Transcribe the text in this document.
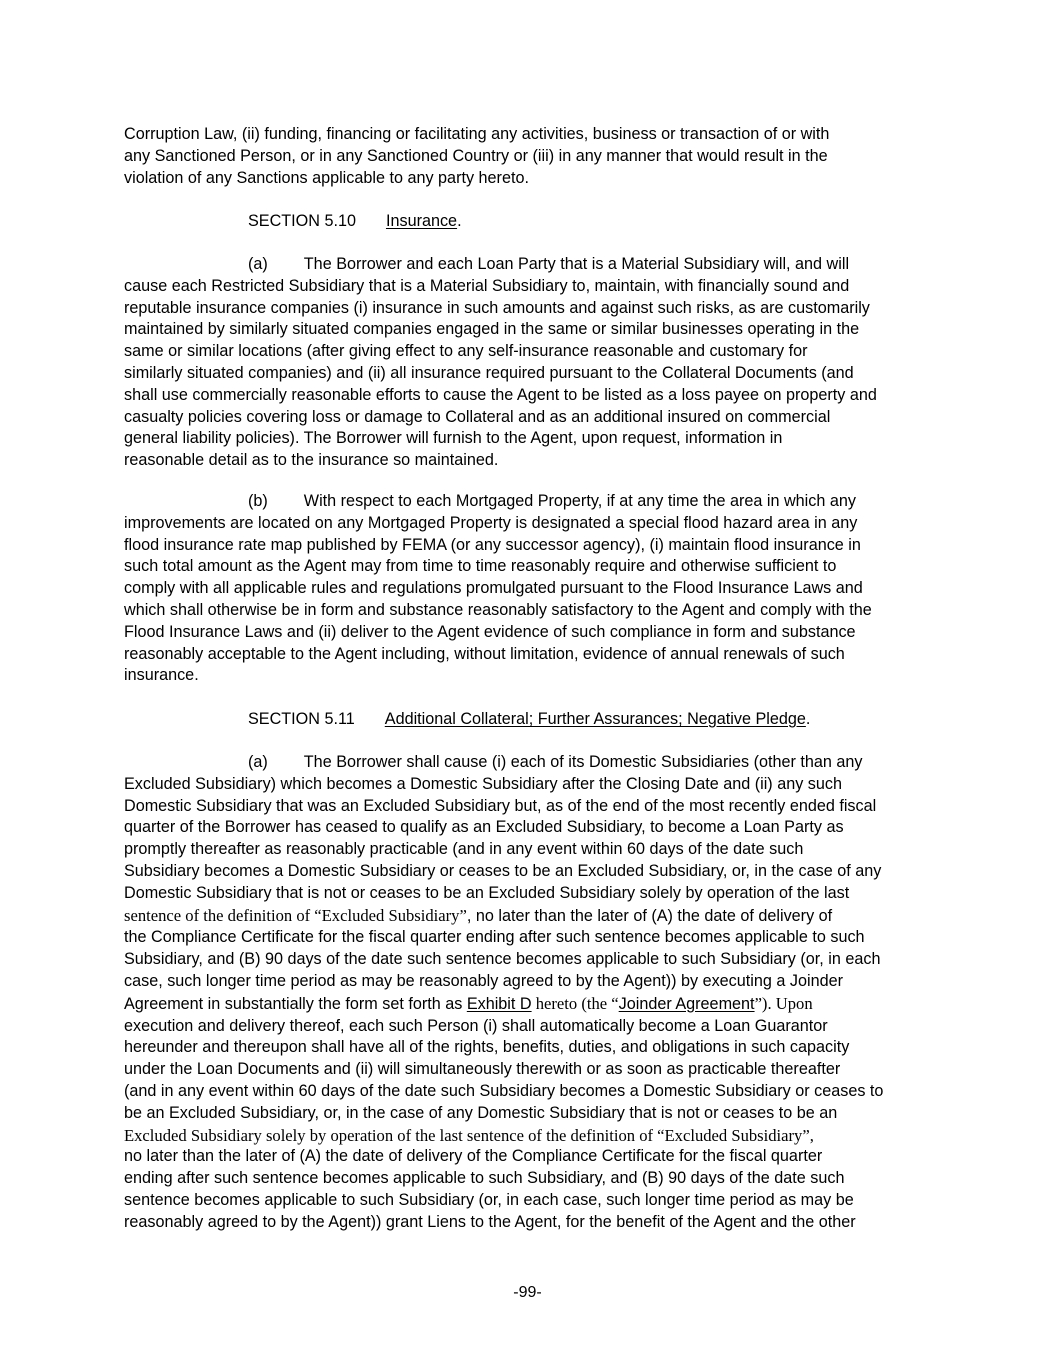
Corruption Law, (ii) funding, financing or facilitating any activities, business or transaction of or with
any Sanctioned Person, or in any Sanctioned Country or (iii) in any manner that would result in the
violation of any Sanctions applicable to any party hereto.
SECTION 5.10 Insurance.
(a) The Borrower and each Loan Party that is a Material Subsidiary will, and will
cause each Restricted Subsidiary that is a Material Subsidiary to, maintain, with financially sound and
reputable insurance companies (i) insurance in such amounts and against such risks, as are customarily
maintained by similarly situated companies engaged in the same or similar businesses operating in the
same or similar locations (after giving effect to any self-insurance reasonable and customary for
similarly situated companies) and (ii) all insurance required pursuant to the Collateral Documents (and
shall use commercially reasonable efforts to cause the Agent to be listed as a loss payee on property and
casualty policies covering loss or damage to Collateral and as an additional insured on commercial
general liability policies). The Borrower will furnish to the Agent, upon request, information in
reasonable detail as to the insurance so maintained.
(b) With respect to each Mortgaged Property, if at any time the area in which any
improvements are located on any Mortgaged Property is designated a special flood hazard area in any
flood insurance rate map published by FEMA (or any successor agency), (i) maintain flood insurance in
such total amount as the Agent may from time to time reasonably require and otherwise sufficient to
comply with all applicable rules and regulations promulgated pursuant to the Flood Insurance Laws and
which shall otherwise be in form and substance reasonably satisfactory to the Agent and comply with the
Flood Insurance Laws and (ii) deliver to the Agent evidence of such compliance in form and substance
reasonably acceptable to the Agent including, without limitation, evidence of annual renewals of such
insurance.
SECTION 5.11 Additional Collateral; Further Assurances; Negative Pledge.
(a) The Borrower shall cause (i) each of its Domestic Subsidiaries (other than any
Excluded Subsidiary) which becomes a Domestic Subsidiary after the Closing Date and (ii) any such
Domestic Subsidiary that was an Excluded Subsidiary but, as of the end of the most recently ended fiscal
quarter of the Borrower has ceased to qualify as an Excluded Subsidiary, to become a Loan Party as
promptly thereafter as reasonably practicable (and in any event within 60 days of the date such
Subsidiary becomes a Domestic Subsidiary or ceases to be an Excluded Subsidiary, or, in the case of any
Domestic Subsidiary that is not or ceases to be an Excluded Subsidiary solely by operation of the last
sentence of the definition of “Excluded Subsidiary”, no later than the later of (A) the date of delivery of
the Compliance Certificate for the fiscal quarter ending after such sentence becomes applicable to such
Subsidiary, and (B) 90 days of the date such sentence becomes applicable to such Subsidiary (or, in each
case, such longer time period as may be reasonably agreed to by the Agent)) by executing a Joinder
Agreement in substantially the form set forth as Exhibit D hereto (the “Joinder Agreement”). Upon
execution and delivery thereof, each such Person (i) shall automatically become a Loan Guarantor
hereunder and thereupon shall have all of the rights, benefits, duties, and obligations in such capacity
under the Loan Documents and (ii) will simultaneously therewith or as soon as practicable thereafter
(and in any event within 60 days of the date such Subsidiary becomes a Domestic Subsidiary or ceases to
be an Excluded Subsidiary, or, in the case of any Domestic Subsidiary that is not or ceases to be an
Excluded Subsidiary solely by operation of the last sentence of the definition of “Excluded Subsidiary”,
no later than the later of (A) the date of delivery of the Compliance Certificate for the fiscal quarter
ending after such sentence becomes applicable to such Subsidiary, and (B) 90 days of the date such
sentence becomes applicable to such Subsidiary (or, in each case, such longer time period as may be
reasonably agreed to by the Agent)) grant Liens to the Agent, for the benefit of the Agent and the other
-99-
